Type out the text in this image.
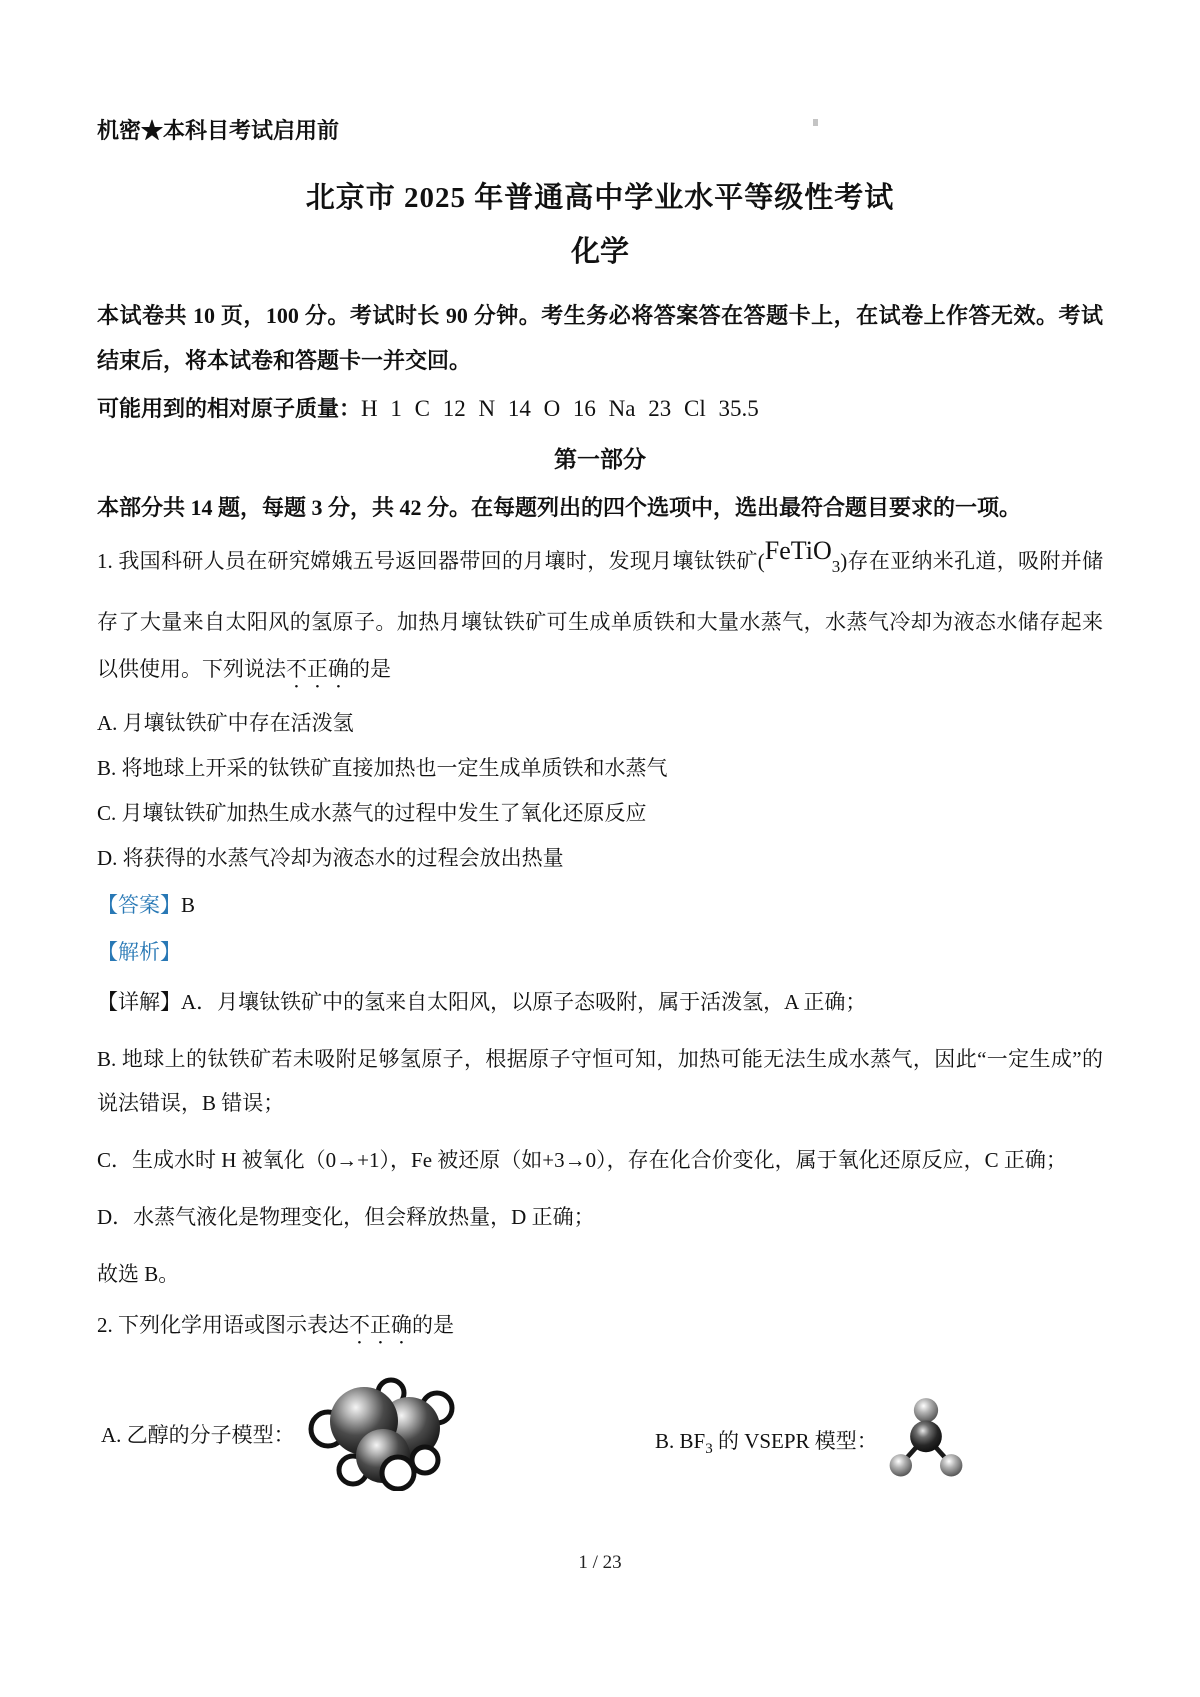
机密★本科目考试启用前
北京市 2025 年普通高中学业水平等级性考试
化学
本试卷共 10 页，100 分。考试时长 90 分钟。考生务必将答案答在答题卡上，在试卷上作答无效。考试结束后，将本试卷和答题卡一并交回。
可能用到的相对原子质量：H 1 C 12 N 14 O 16 Na 23 Cl 35.5
第一部分
本部分共 14 题，每题 3 分，共 42 分。在每题列出的四个选项中，选出最符合题目要求的一项。
1. 我国科研人员在研究嫦娥五号返回器带回的月壤时，发现月壤钛铁矿(FeTiO$_3$)存在亚纳米孔道，吸附并储存了大量来自太阳风的氢原子。加热月壤钛铁矿可生成单质铁和大量水蒸气，水蒸气冷却为液态水储存起来以供使用。下列说法不正确的是
A. 月壤钛铁矿中存在活泼氢
B. 将地球上开采的钛铁矿直接加热也一定生成单质铁和水蒸气
C. 月壤钛铁矿加热生成水蒸气的过程中发生了氧化还原反应
D. 将获得的水蒸气冷却为液态水的过程会放出热量
【答案】B
【解析】
【详解】A．月壤钛铁矿中的氢来自太阳风，以原子态吸附，属于活泼氢，A 正确；
B. 地球上的钛铁矿若未吸附足够氢原子，根据原子守恒可知，加热可能无法生成水蒸气，因此“一定生成”的说法错误，B 错误；
C．生成水时 H 被氧化（0→+1），Fe 被还原（如+3→0），存在化合价变化，属于氧化还原反应，C 正确；
D．水蒸气液化是物理变化，但会释放热量，D 正确；
故选 B。
2. 下列化学用语或图示表达不正确的是
A. 乙醇的分子模型：	B. $BF_3$ 的 VSEPR 模型：
1 / 23
